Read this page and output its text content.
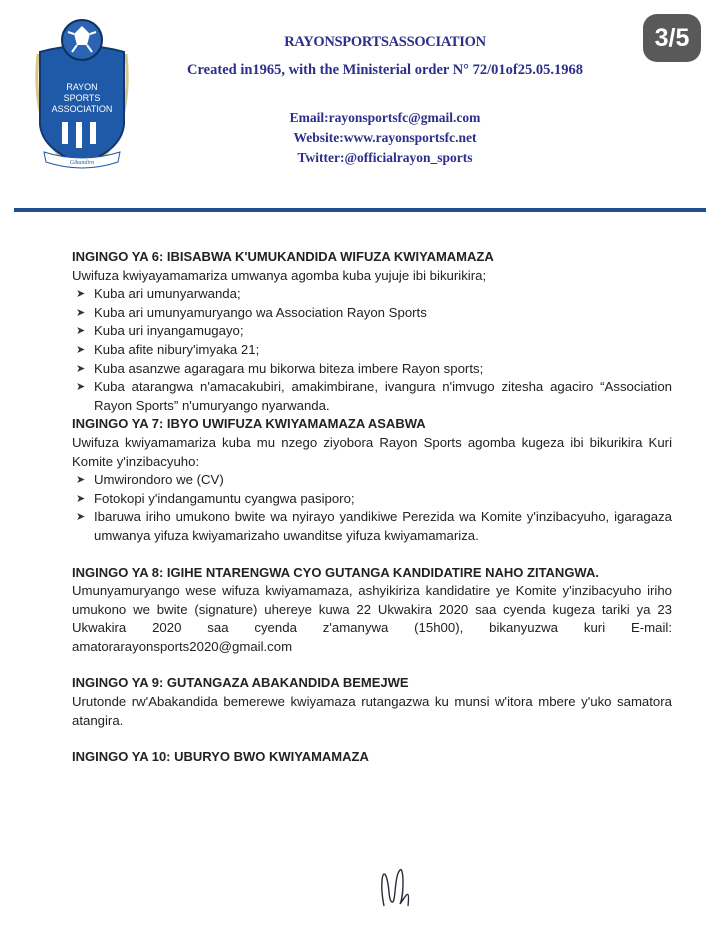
RAYON
SPORTS
ASSOCIATION
Gikundiro
3/5
RAYONSPORTSASSOCIATION
Created in1965, with the Ministerial order N° 72/01of25.05.1968
Email:rayonsportsfc@gmail.com
Website:www.rayonsportsfc.net
Twitter:@officialrayon_sports

INGINGO YA 6: IBISABWA K'UMUKANDIDA WIFUZA KWIYAMAMAZA

Uwifuza kwiyayamamariza umwanya agomba kuba yujuje ibi bikurikira;

➤ Kuba ari umunyarwanda;
➤ Kuba ari umunyamuryango wa Association Rayon Sports
➤ Kuba uri inyangamugayo;
➤ Kuba afite nibury'imyaka 21;
➤ Kuba asanzwe agaragara mu bikorwa biteza imbere Rayon sports;
➤ Kuba atarangwa n'amacakubiri, amakimbirane, ivangura n'imvugo zitesha agaciro “Association Rayon Sports” n'umuryango nyarwanda.

INGINGO YA 7: IBYO UWIFUZA KWIYAMAMAZA ASABWA

Uwifuza kwiyamamariza kuba mu nzego ziyobora Rayon Sports agomba kugeza ibi bikurikira Kuri Komite y'inzibacyuho:

➤ Umwirondoro we (CV)
➤ Fotokopi y'indangamuntu cyangwa pasiporo;
➤ Ibaruwa iriho umukono bwite wa nyirayo yandikiwe Perezida wa Komite y'inzibacyuho, igaragaza umwanya yifuza kwiyamarizaho uwanditse yifuza kwiyamamariza.

INGINGO YA 8: IGIHE NTARENGWA CYO GUTANGA KANDIDATIRE NAHO ZITANGWA.

Umunyamuryango wese wifuza kwiyamamaza, ashyikiriza kandidatire ye Komite y'inzibacyuho iriho umukono we bwite (signature) uhereye kuwa 22 Ukwakira 2020 saa cyenda kugeza tariki ya 23 Ukwakira 2020 saa cyenda z'amanywa (15h00), bikanyuzwa kuri E-mail: amatorarayonsports2020@gmail.com

INGINGO YA 9: GUTANGAZA ABAKANDIDA BEMEJWE

Urutonde rw'Abakandida bemerewe kwiyamaza rutangazwa ku munsi w'itora mbere y'uko samatora atangira.

INGINGO YA 10: UBURYO BWO KWIYAMAMAZA
